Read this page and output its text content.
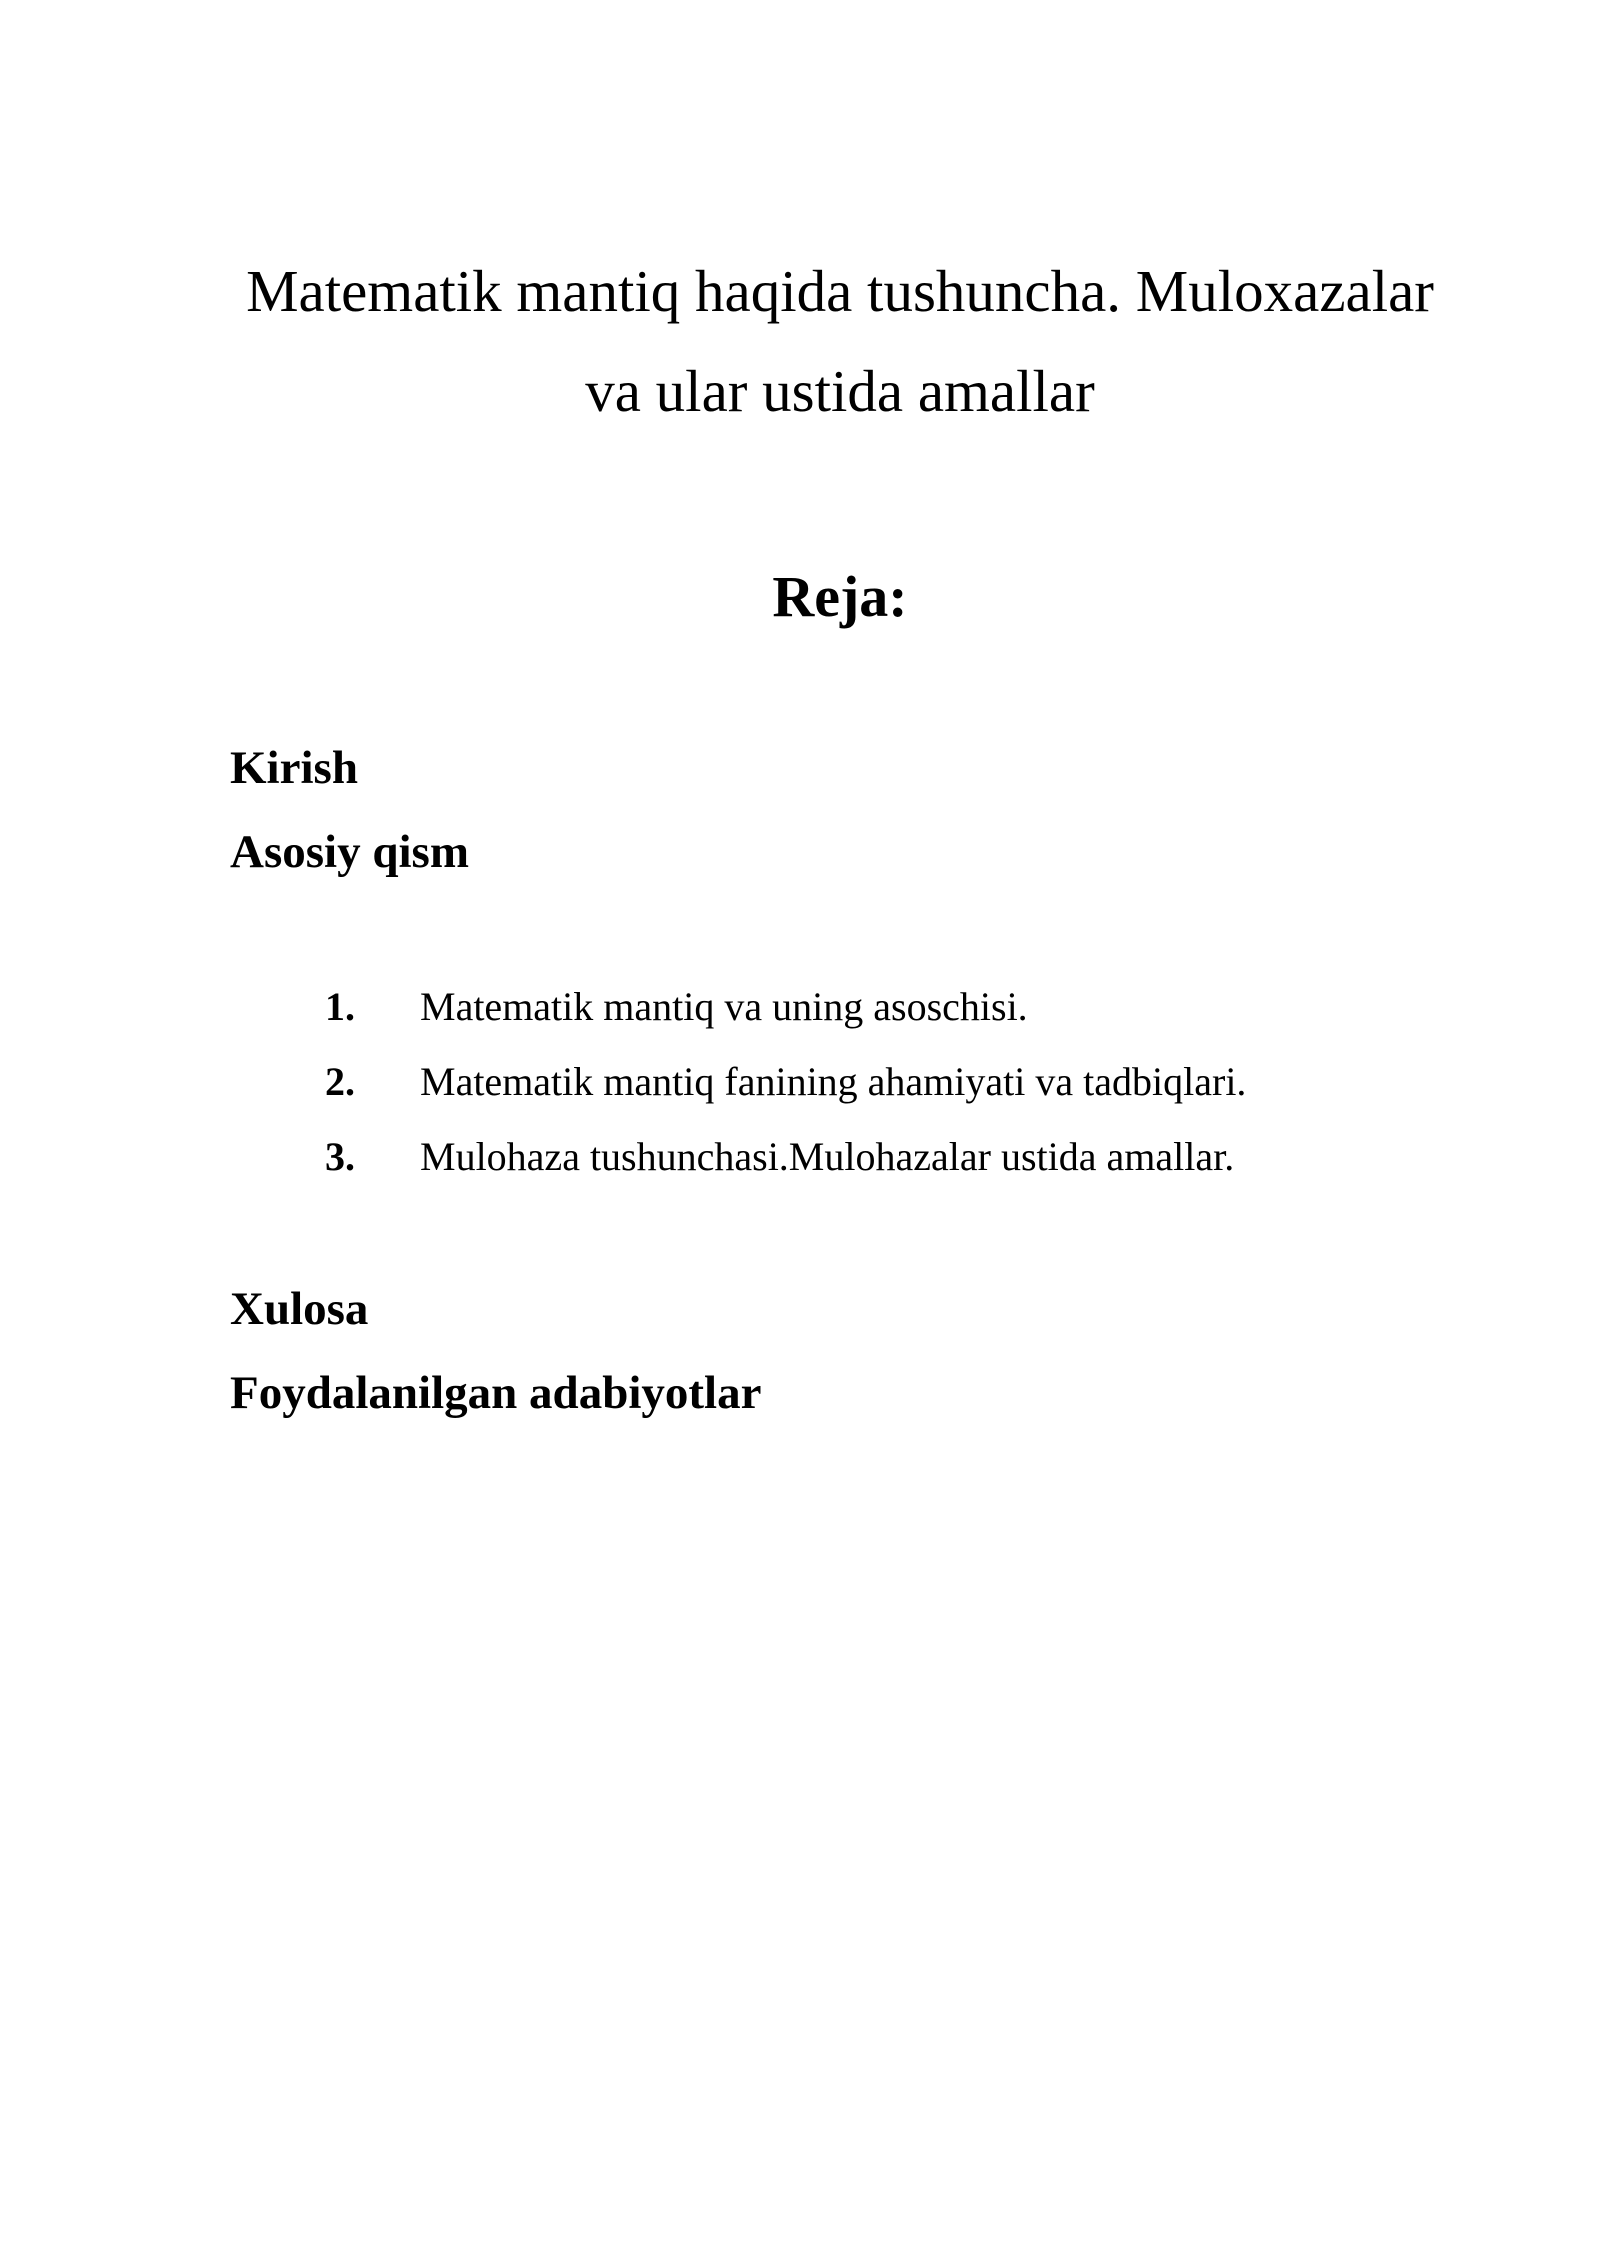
Matematik mantiq haqida tushuncha. Muloxazalar
va ular ustida amallar
Reja:
Kirish
Asosiy qism
1. Matematik mantiq va uning asoschisi.
2. Matematik mantiq fanining ahamiyati va tadbiqlari.
3. Mulohaza tushunchasi.Mulohazalar ustida amallar.
Xulosa
Foydalanilgan adabiyotlar
